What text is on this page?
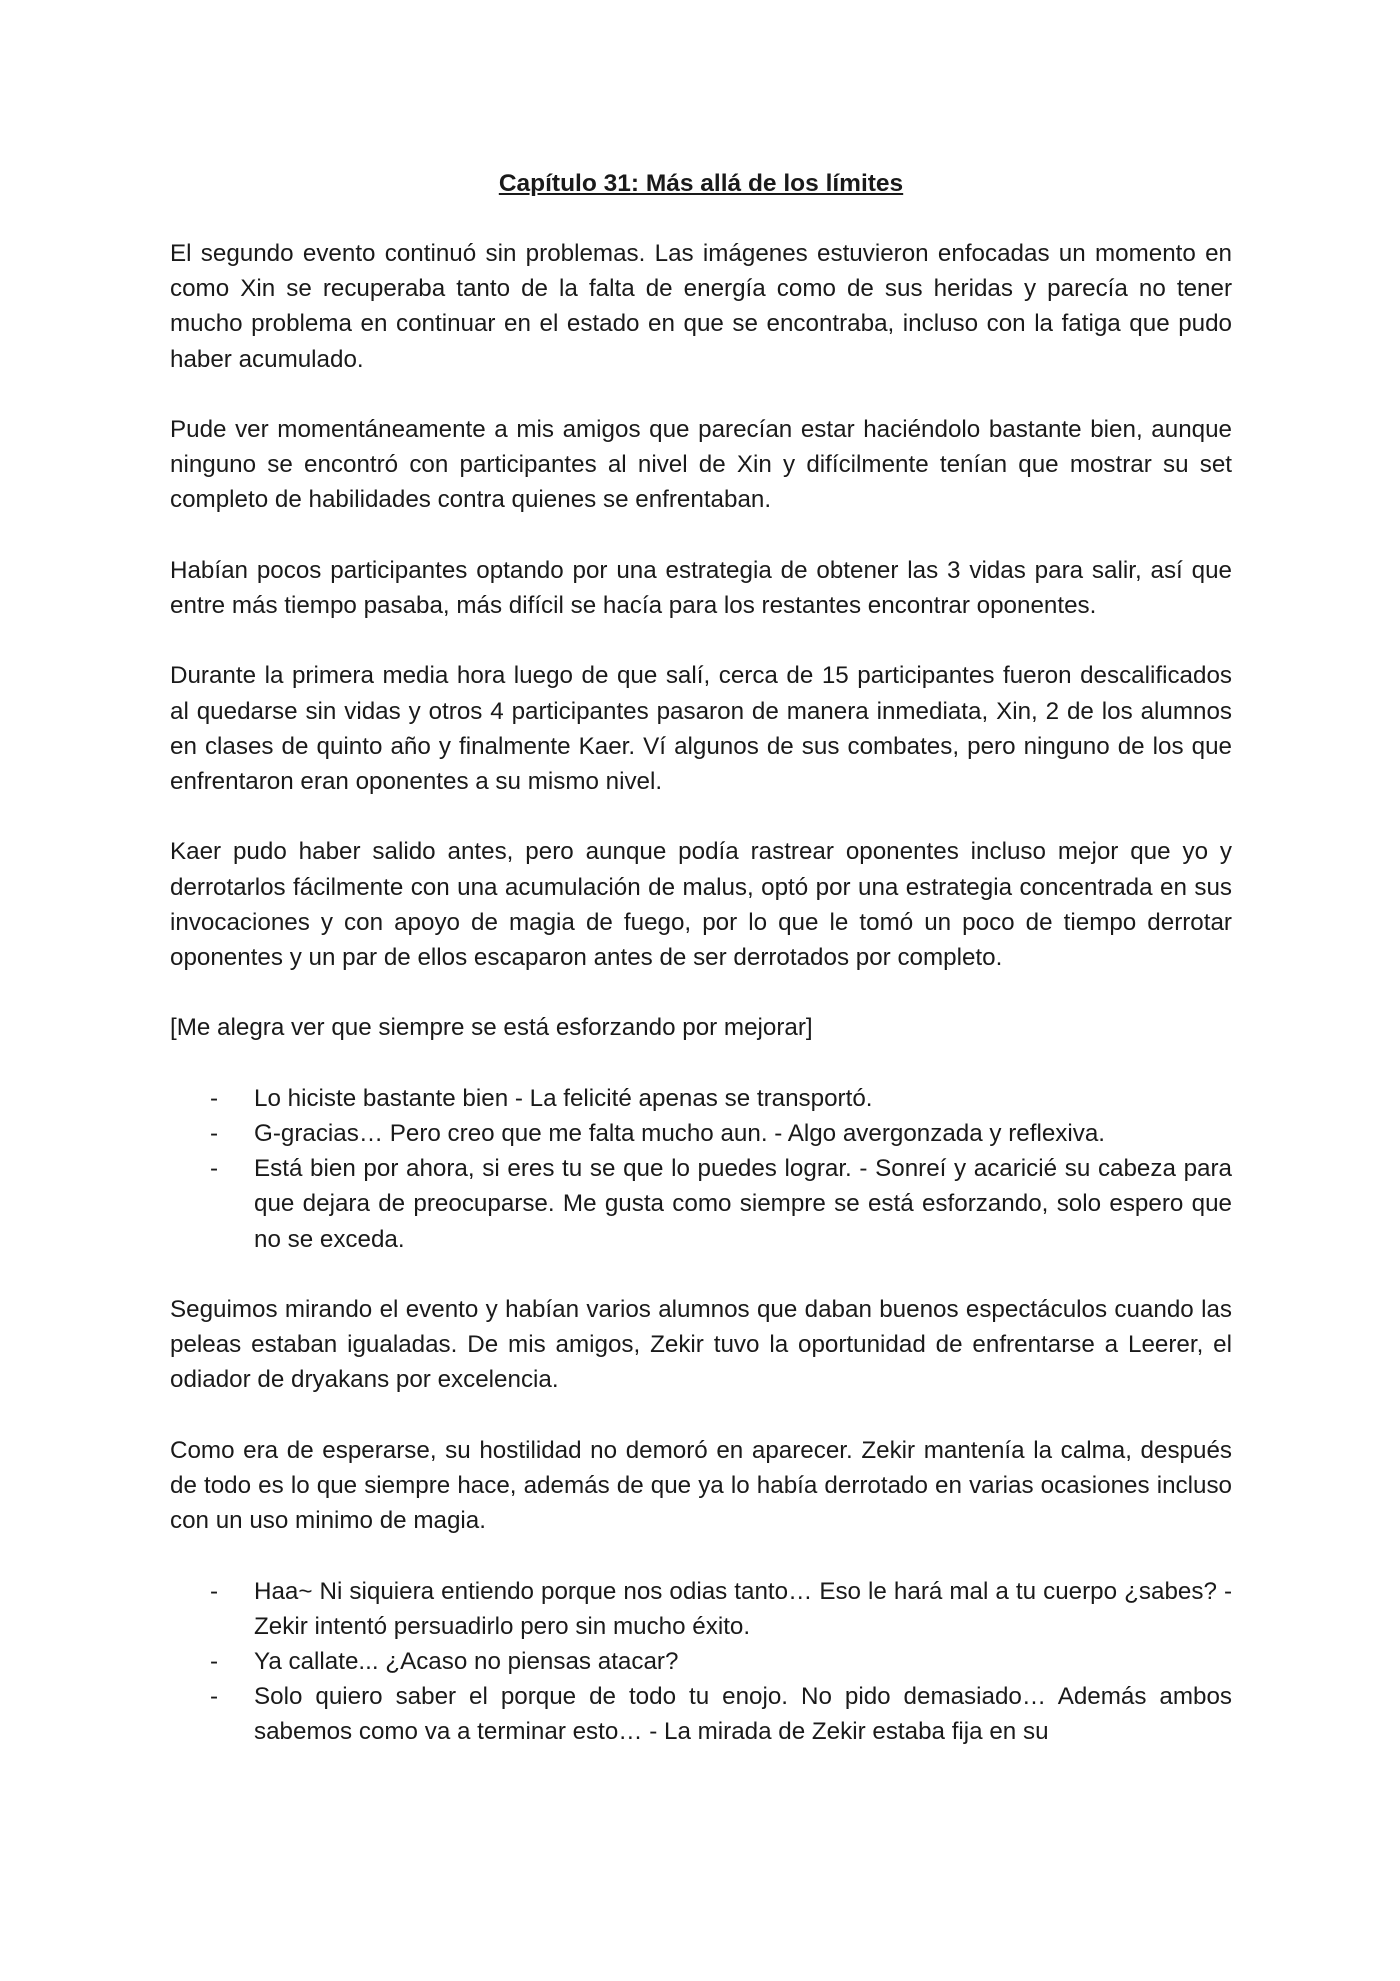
Capítulo 31: Más allá de los límites

El segundo evento continuó sin problemas. Las imágenes estuvieron enfocadas un momento en como Xin se recuperaba tanto de la falta de energía como de sus heridas y parecía no tener mucho problema en continuar en el estado en que se encontraba, incluso con la fatiga que pudo haber acumulado.

Pude ver momentáneamente a mis amigos que parecían estar haciéndolo bastante bien, aunque ninguno se encontró con participantes al nivel de Xin y difícilmente tenían que mostrar su set completo de habilidades contra quienes se enfrentaban.

Habían pocos participantes optando por una estrategia de obtener las 3 vidas para salir, así que entre más tiempo pasaba, más difícil se hacía para los restantes encontrar oponentes.

Durante la primera media hora luego de que salí, cerca de 15 participantes fueron descalificados al quedarse sin vidas y otros 4 participantes pasaron de manera inmediata, Xin, 2 de los alumnos en clases de quinto año y finalmente Kaer. Ví algunos de sus combates, pero ninguno de los que enfrentaron eran oponentes a su mismo nivel.

Kaer pudo haber salido antes, pero aunque podía rastrear oponentes incluso mejor que yo y derrotarlos fácilmente con una acumulación de malus, optó por una estrategia concentrada en sus invocaciones y con apoyo de magia de fuego, por lo que le tomó un poco de tiempo derrotar oponentes y un par de ellos escaparon antes de ser derrotados por completo.

[Me alegra ver que siempre se está esforzando por mejorar]

- Lo hiciste bastante bien - La felicité apenas se transportó.
- G-gracias… Pero creo que me falta mucho aun. - Algo avergonzada y reflexiva.
- Está bien por ahora, si eres tu se que lo puedes lograr. - Sonreí y acaricié su cabeza para que dejara de preocuparse. Me gusta como siempre se está esforzando, solo espero que no se exceda.

Seguimos mirando el evento y habían varios alumnos que daban buenos espectáculos cuando las peleas estaban igualadas. De mis amigos, Zekir tuvo la oportunidad de enfrentarse a Leerer, el odiador de dryakans por excelencia.

Como era de esperarse, su hostilidad no demoró en aparecer. Zekir mantenía la calma, después de todo es lo que siempre hace, además de que ya lo había derrotado en varias ocasiones incluso con un uso minimo de magia.

- Haa~ Ni siquiera entiendo porque nos odias tanto… Eso le hará mal a tu cuerpo ¿sabes? - Zekir intentó persuadirlo pero sin mucho éxito.
- Ya callate... ¿Acaso no piensas atacar?
- Solo quiero saber el porque de todo tu enojo. No pido demasiado… Además ambos sabemos como va a terminar esto… - La mirada de Zekir estaba fija en su
